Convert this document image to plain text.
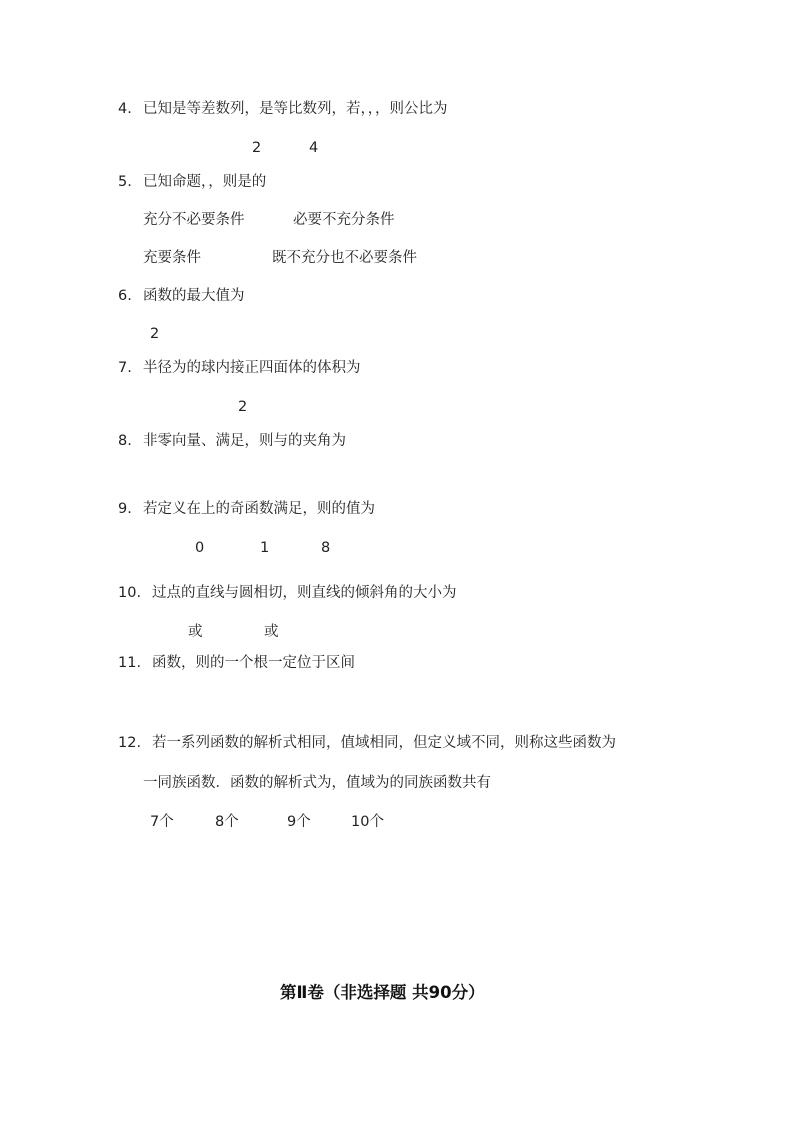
4. 已知是等差数列，是等比数列，若，，，则公比为
2	4
5. 已知命题，，则是的
充分不必要条件	必要不充分条件
充要条件	既不充分也不必要条件
6. 函数的最大值为
2
7. 半径为的球内接正四面体的体积为
2
8. 非零向量、满足，则与的夹角为
9. 若定义在上的奇函数满足，则的值为
0	1	8
10. 过点的直线与圆相切，则直线的倾斜角的大小为
或	或
11. 函数，则的一个根一定位于区间
12. 若一系列函数的解析式相同，值域相同，但定义域不同，则称这些函数为
一同族函数．函数的解析式为，值域为的同族函数共有
7个	8个	9个	10个
第Ⅱ卷（非选择题 共90分）
